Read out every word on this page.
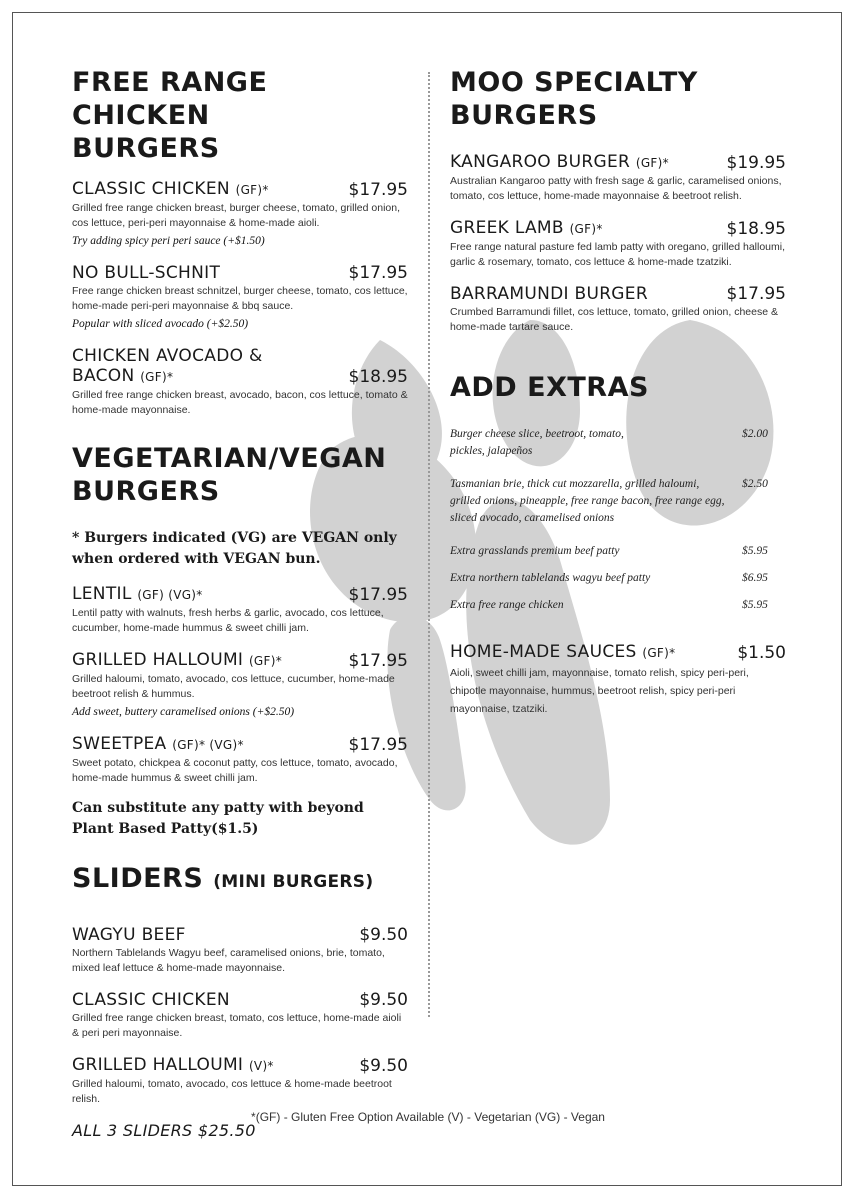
FREE RANGE CHICKEN
BURGERS
CLASSIC CHICKEN (GF)*	$17.95
Grilled free range chicken breast, burger cheese, tomato, grilled onion, cos lettuce, peri-peri mayonnaise & home-made aioli.
Try adding spicy peri peri sauce (+$1.50)
NO BULL-SCHNIT	$17.95
Free range chicken breast schnitzel, burger cheese, tomato, cos lettuce, home-made peri-peri mayonnaise & bbq sauce.
Popular with sliced avocado (+$2.50)
CHICKEN AVOCADO &
BACON (GF)*	$18.95
Grilled free range chicken breast, avocado, bacon, cos lettuce, tomato & home-made mayonnaise.
VEGETARIAN/VEGAN
BURGERS
* Burgers indicated (VG) are VEGAN only when ordered with VEGAN bun.
LENTIL (GF) (VG)*	$17.95
Lentil patty with walnuts, fresh herbs & garlic, avocado, cos lettuce, cucumber, home-made hummus & sweet chilli jam.
GRILLED HALLOUMI (GF)*	$17.95
Grilled haloumi, tomato, avocado, cos lettuce, cucumber, home-made beetroot relish & hummus.
Add sweet, buttery caramelised onions (+$2.50)
SWEETPEA (GF)* (VG)*	$17.95
Sweet potato, chickpea & coconut patty, cos lettuce, tomato, avocado, home-made hummus & sweet chilli jam.
Can substitute any patty with beyond Plant Based Patty($1.5)
SLIDERS (MINI BURGERS)
WAGYU BEEF	$9.50
Northern Tablelands Wagyu beef, caramelised onions, brie, tomato, mixed leaf lettuce & home-made mayonnaise.
CLASSIC CHICKEN	$9.50
Grilled free range chicken breast, tomato, cos lettuce, home-made aioli & peri peri mayonnaise.
GRILLED HALLOUMI (V)*	$9.50
Grilled haloumi, tomato, avocado, cos lettuce & home-made beetroot relish.
ALL 3 SLIDERS $25.50
MOO SPECIALTY
BURGERS
KANGAROO BURGER (GF)*	$19.95
Australian Kangaroo patty with fresh sage & garlic, caramelised onions, tomato, cos lettuce, home-made mayonnaise & beetroot relish.
GREEK LAMB (GF)*	$18.95
Free range natural pasture fed lamb patty with oregano, grilled halloumi, garlic & rosemary, tomato, cos lettuce & home-made tzatziki.
BARRAMUNDI BURGER	$17.95
Crumbed Barramundi fillet, cos lettuce, tomato, grilled onion, cheese & home-made tartare sauce.
ADD EXTRAS
Burger cheese slice, beetroot, tomato, pickles, jalapeños
$2.00
Tasmanian brie, thick cut mozzarella, grilled haloumi, grilled onions, pineapple, free range bacon, free range egg, sliced avocado, caramelised onions
$2.50
Extra grasslands premium beef patty	$5.95
Extra northern tablelands wagyu beef patty	$6.95
Extra free range chicken	$5.95
HOME-MADE SAUCES (GF)*	$1.50
Aioli, sweet chilli jam, mayonnaise, tomato relish, spicy peri-peri, chipotle mayonnaise, hummus, beetroot relish, spicy peri-peri mayonnaise, tzatziki.
*(GF) - Gluten Free Option Available (V) - Vegetarian (VG) - Vegan
